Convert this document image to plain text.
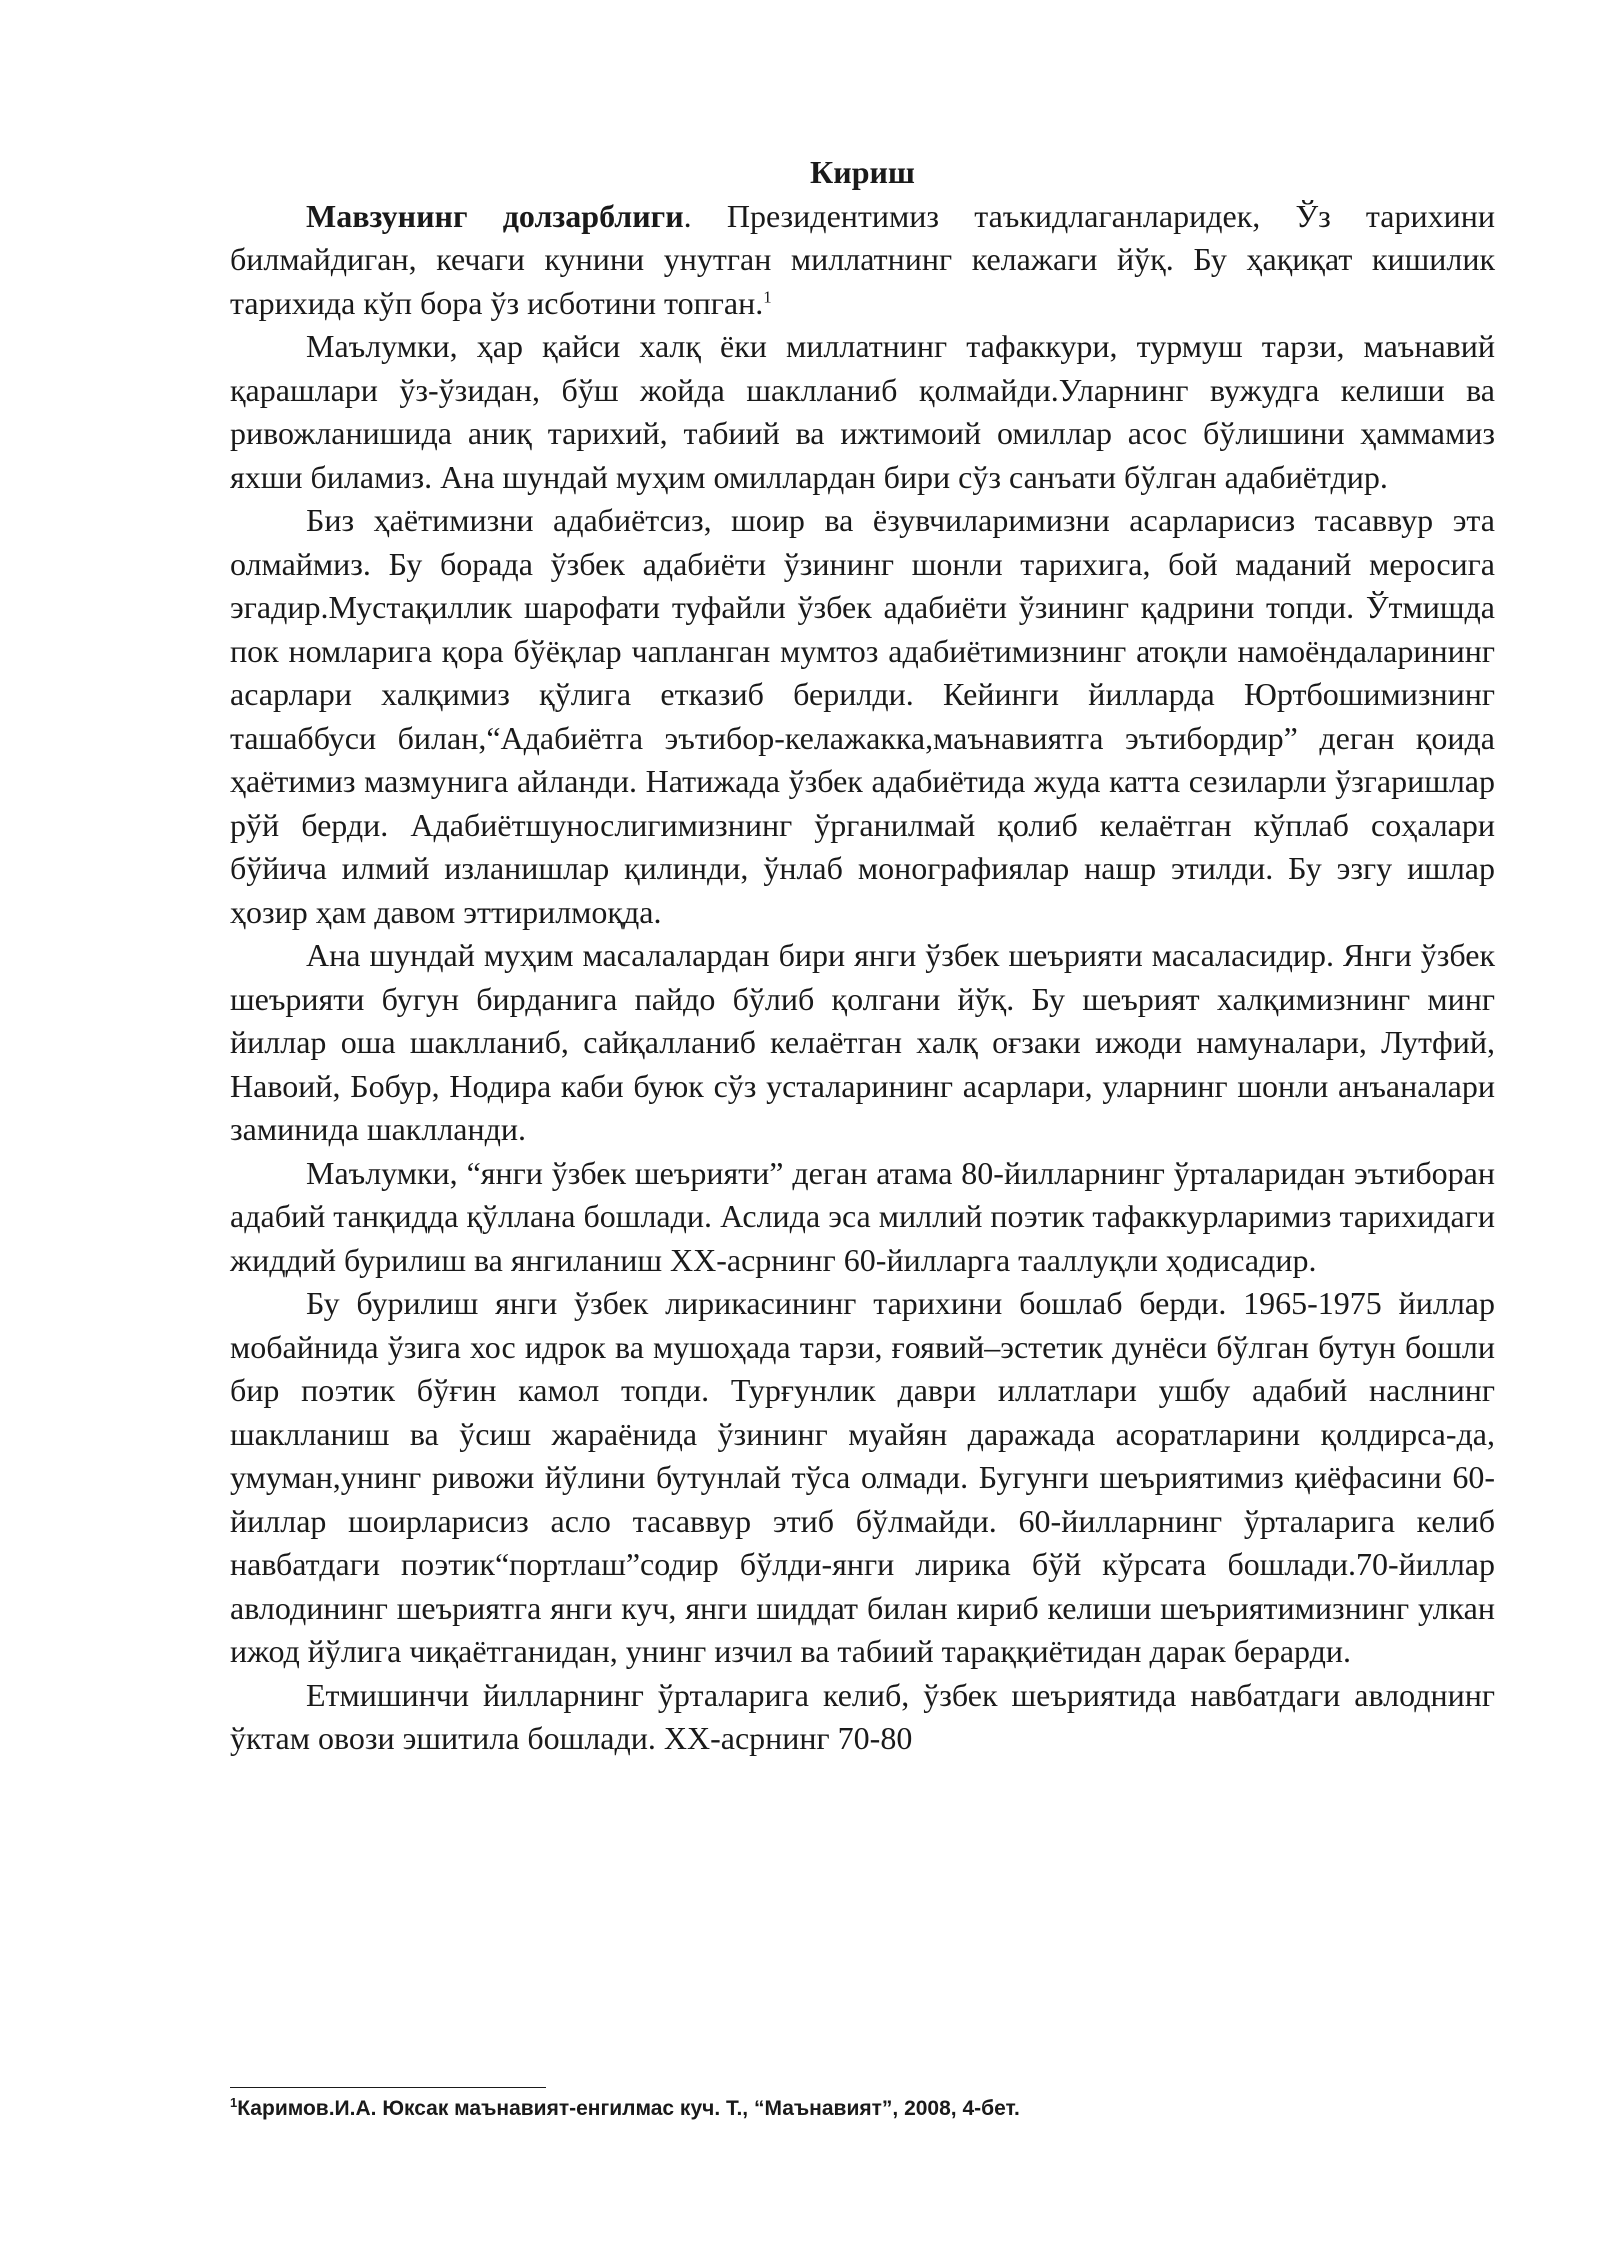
Кириш

Мавзунинг долзарблиги. Президентимиз таъкидлаганларидек, Ўз тарихини билмайдиган, кечаги кунини унутган миллатнинг келажаги йўқ. Бу ҳақиқат кишилик тарихида кўп бора ўз исботини топган.$^1$

Маълумки, ҳар қайси халқ ёки миллатнинг тафаккури, турмуш тарзи, маънавий қарашлари ўз-ўзидан, бўш жойда шаклланиб қолмайди.Уларнинг вужудга келиши ва ривожланишида аниқ тарихий, табиий ва ижтимоий омиллар асос бўлишини ҳаммамиз яхши биламиз. Ана шундай муҳим омиллардан бири сўз санъати бўлган адабиётдир.

Биз ҳаётимизни адабиётсиз, шоир ва ёзувчиларимизни асарларисиз тасаввур эта олмаймиз. Бу борада ўзбек адабиёти ўзининг шонли тарихига, бой маданий меросига эгадир.Мустақиллик шарофати туфайли ўзбек адабиёти ўзининг қадрини топди. Ўтмишда пок номларига қора бўёқлар чапланган мумтоз адабиётимизнинг атоқли намоёндаларининг асарлари халқимиз қўлига етказиб берилди. Кейинги йилларда Юртбошимизнинг ташаббуси билан,“Адабиётга эътибор-келажакка,маънавиятга эътибордир” деган қоида ҳаётимиз мазмунига айланди. Натижада ўзбек адабиётида жуда катта сезиларли ўзгаришлар рўй берди. Адабиётшунослигимизнинг ўрганилмай қолиб келаётган кўплаб соҳалари бўйича илмий изланишлар қилинди, ўнлаб монографиялар нашр этилди. Бу эзгу ишлар ҳозир ҳам давом эттирилмоқда.

Ана шундай муҳим масалалардан бири янги ўзбек шеърияти масаласидир. Янги ўзбек шеърияти бугун бирданига пайдо бўлиб қолгани йўқ. Бу шеърият халқимизнинг минг йиллар оша шаклланиб, сайқалланиб келаётган халқ оғзаки ижоди намуналари, Лутфий, Навоий, Бобур, Нодира каби буюк сўз усталарининг асарлари, уларнинг шонли анъаналари заминида шаклланди.

Маълумки, “янги ўзбек шеърияти” деган атама 80-йилларнинг ўрталаридан эътиборан адабий танқидда қўллана бошлади. Аслида эса миллий поэтик тафаккурларимиз тарихидаги жиддий бурилиш ва янгиланиш XX-асрнинг 60-йилларга тааллуқли ҳодисадир.

Бу бурилиш янги ўзбек лирикасининг тарихини бошлаб берди. 1965-1975 йиллар мобайнида ўзига хос идрок ва мушоҳада тарзи, ғоявий–эстетик дунёси бўлган бутун бошли бир поэтик бўғин камол топди. Турғунлик даври иллатлари ушбу адабий наслнинг шаклланиш ва ўсиш жараёнида ўзининг муайян даражада асоратларини қолдирса-да, умуман,унинг ривожи йўлини бутунлай тўса олмади. Бугунги шеъриятимиз қиёфасини 60-йиллар шоирларисиз асло тасаввур этиб бўлмайди. 60-йилларнинг ўрталарига келиб навбатдаги поэтик“портлаш”содир бўлди-янги лирика бўй кўрсата бошлади.70-йиллар авлодининг шеъриятга янги куч, янги шиддат билан кириб келиши шеъриятимизнинг улкан ижод йўлига чиқаётганидан, унинг изчил ва табиий тараққиётидан дарак берарди.

Етмишинчи йилларнинг ўрталарига келиб, ўзбек шеъриятида навбатдаги авлоднинг ўктам овози эшитила бошлади. XX-асрнинг 70-80

$^1$Каримов.И.А. Юксак маънавият-енгилмас куч. Т., “Маънавият”, 2008, 4-бет.
